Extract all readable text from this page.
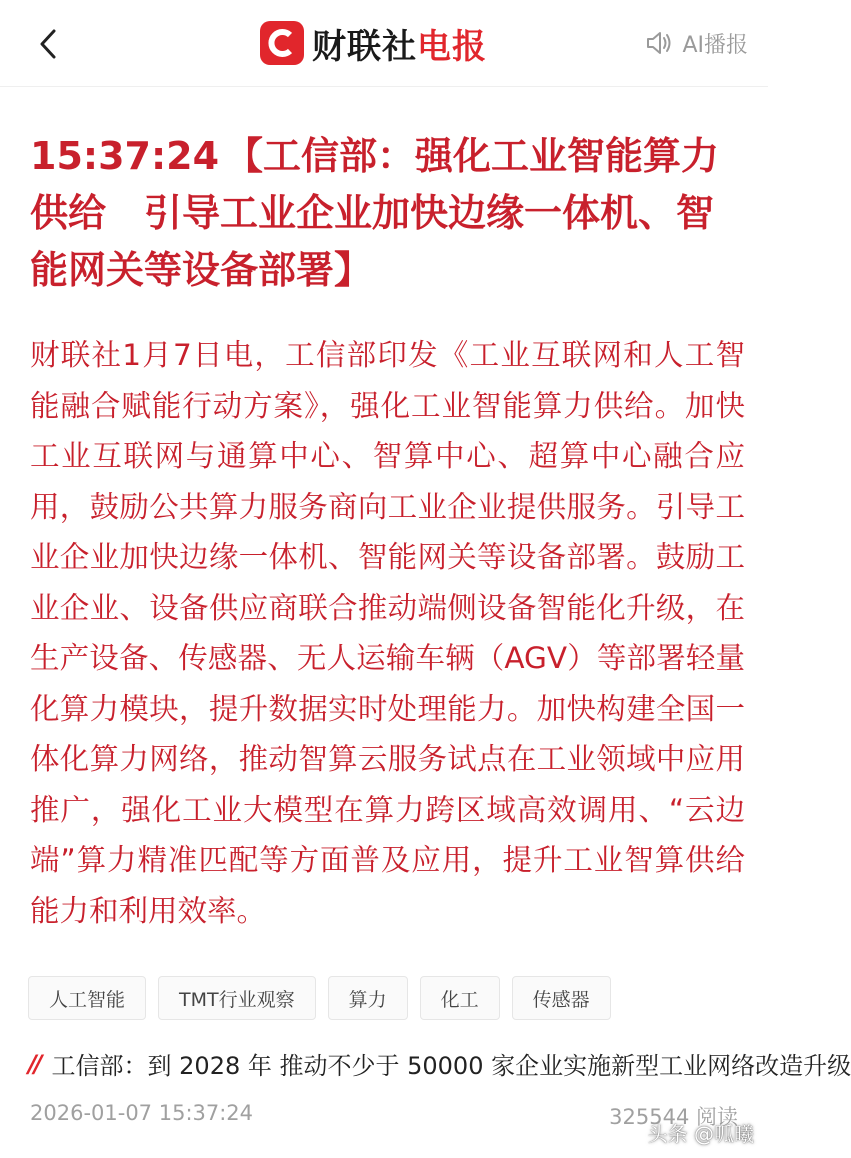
财联社 电报	AI播报
15:37:24 【工信部：强化工业智能算力供给　引导工业企业加快边缘一体机、智能网关等设备部署】

财联社1月7日电，工信部印发《工业互联网和人工智能融合赋能行动方案》，强化工业智能算力供给。加快工业互联网与通算中心、智算中心、超算中心融合应用，鼓励公共算力服务商向工业企业提供服务。引导工业企业加快边缘一体机、智能网关等设备部署。鼓励工业企业、设备供应商联合推动端侧设备智能化升级，在生产设备、传感器、无人运输车辆（AGV）等部署轻量化算力模块，提升数据实时处理能力。加快构建全国一体化算力网络，推动智算云服务试点在工业领域中应用推广，强化工业大模型在算力跨区域高效调用、“云边端”算力精准匹配等方面普及应用，提升工业智算供给能力和利用效率。

人工智能	TMT行业观察	算力	化工	传感器
// 工信部：到 2028 年 推动不少于 50000 家企业实施新型工业网络改造升级
2026-01-07 15:37:24	325544 阅读
头条 @呱曦
